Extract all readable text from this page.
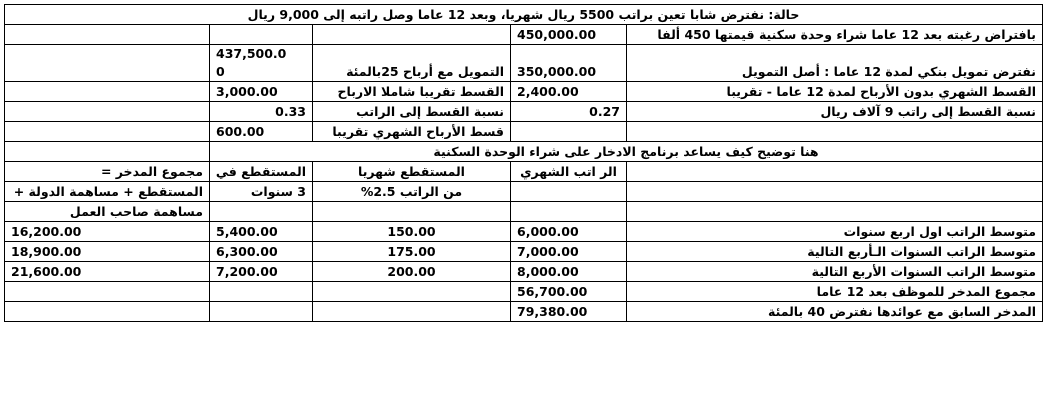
حالة: نفترض شابا تعين براتب 5500 ريال شهريا، وبعد 12 عاما وصل راتبه إلى 9,000 ريال				
			450,000.00	بافتراض رغبته بعد 12 عاما شراء وحدة سكنية قيمتها 450 ألفا

	437,500.0
0	التمويل مع أرباح 25بالمئة	350,000.00	نفترض تمويل بنكي لمدة 12 عاما : أصل التمويل
	3,000.00	القسط تقريبا شاملا الارباح	2,400.00	القسط الشهري بدون الأرباح لمدة 12 عاما - تقريبا
	0.33	نسبة القسط إلى الراتب	0.27	نسبة القسط إلى راتب 9 آلاف ريال
	600.00	قسط الأرباح الشهري تقريبا		
	هنا توضيح كيف يساعد برنامج الادخار على شراء الوحدة السكنية			
مجموع المدخر =	المستقطع في	المستقطع شهريا	الر اتب الشهري	
المستقطع + مساهمة الدولة +	3 سنوات	من الراتب 2.5%		
مساهمة صاحب العمل				
16,200.00	5,400.00	150.00	6,000.00	متوسط الراتب اول اربع سنوات
18,900.00	6,300.00	175.00	7,000.00	متوسط الراتب السنوات الـأربع التالية
21,600.00	7,200.00	200.00	8,000.00	متوسط الراتب السنوات الأربع التالية
			56,700.00	مجموع المدخر للموظف بعد 12 عاما
			79,380.00	المدخر السابق مع عوائدها نفترض 40 بالمئة
